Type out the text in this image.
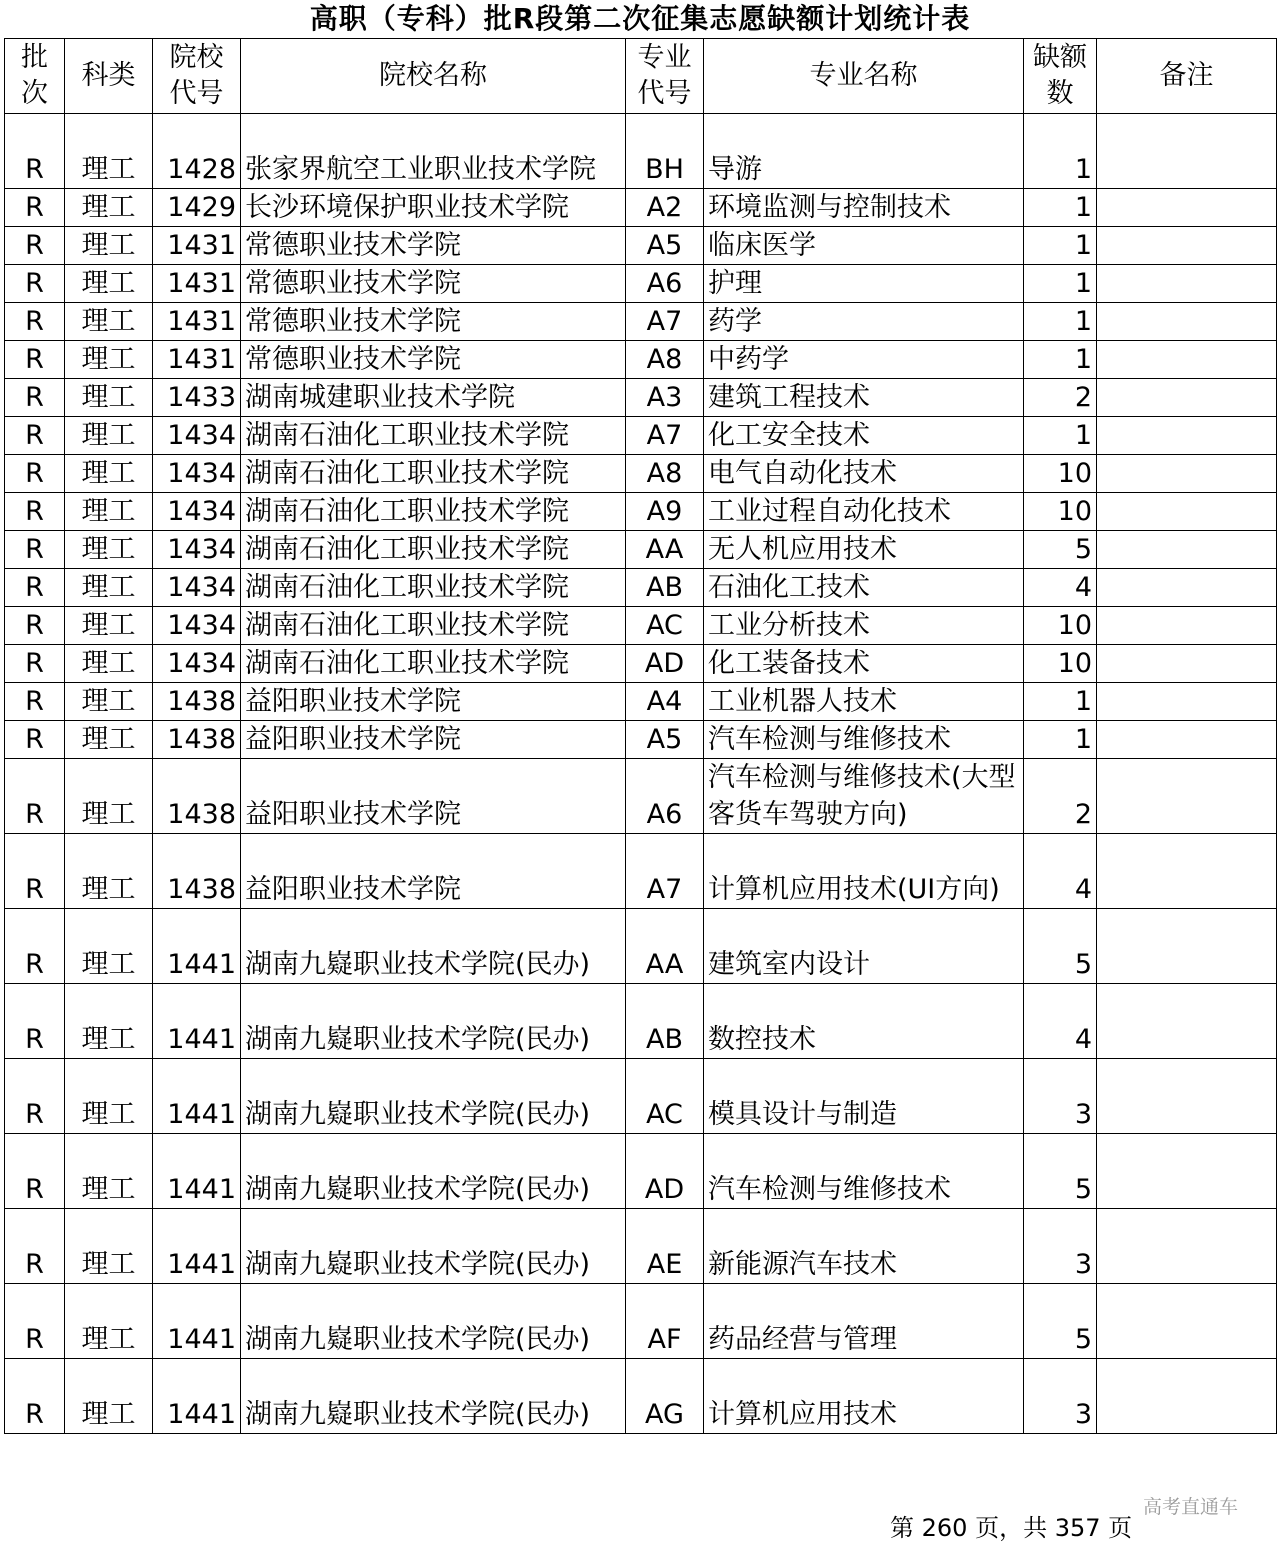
高职（专科）批R段第二次征集志愿缺额计划统计表
批次	科类	院校代号	院校名称	专业代号	专业名称	缺额数	备注
R	理工	1428	张家界航空工业职业技术学院	BH	导游	1	
R	理工	1429	长沙环境保护职业技术学院	A2	环境监测与控制技术	1	
R	理工	1431	常德职业技术学院	A5	临床医学	1	
R	理工	1431	常德职业技术学院	A6	护理	1	
R	理工	1431	常德职业技术学院	A7	药学	1	
R	理工	1431	常德职业技术学院	A8	中药学	1	
R	理工	1433	湖南城建职业技术学院	A3	建筑工程技术	2	
R	理工	1434	湖南石油化工职业技术学院	A7	化工安全技术	1	
R	理工	1434	湖南石油化工职业技术学院	A8	电气自动化技术	10	
R	理工	1434	湖南石油化工职业技术学院	A9	工业过程自动化技术	10	
R	理工	1434	湖南石油化工职业技术学院	AA	无人机应用技术	5	
R	理工	1434	湖南石油化工职业技术学院	AB	石油化工技术	4	
R	理工	1434	湖南石油化工职业技术学院	AC	工业分析技术	10	
R	理工	1434	湖南石油化工职业技术学院	AD	化工装备技术	10	
R	理工	1438	益阳职业技术学院	A4	工业机器人技术	1	
R	理工	1438	益阳职业技术学院	A5	汽车检测与维修技术	1	
R	理工	1438	益阳职业技术学院	A6	汽车检测与维修技术(大型客货车驾驶方向)	2	
R	理工	1438	益阳职业技术学院	A7	计算机应用技术(UI方向)	4	
R	理工	1441	湖南九嶷职业技术学院(民办)	AA	建筑室内设计	5	
R	理工	1441	湖南九嶷职业技术学院(民办)	AB	数控技术	4	
R	理工	1441	湖南九嶷职业技术学院(民办)	AC	模具设计与制造	3	
R	理工	1441	湖南九嶷职业技术学院(民办)	AD	汽车检测与维修技术	5	
R	理工	1441	湖南九嶷职业技术学院(民办)	AE	新能源汽车技术	3	
R	理工	1441	湖南九嶷职业技术学院(民办)	AF	药品经营与管理	5	
R	理工	1441	湖南九嶷职业技术学院(民办)	AG	计算机应用技术	3	
高考直通车
第 260 页，共 357 页
